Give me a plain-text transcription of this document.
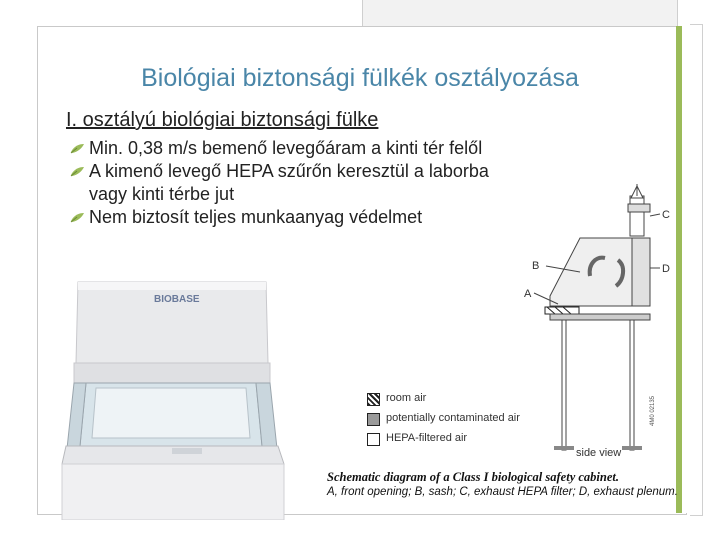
Biológiai biztonsági fülkék osztályozása
I. osztályú biológiai biztonsági fülke
Min. 0,38 m/s bemenő levegőáram a kinti tér felől
A kimenő levegő HEPA szűrőn keresztül a laborba vagy kinti térbe jut
Nem biztosít teljes munkaanyag védelmet
BIOBASE
B
A
C
D
4M0 02135
side view
room air
potentially contaminated air
HEPA-filtered air
Schematic diagram of a Class I biological safety cabinet.
A, front opening; B, sash; C, exhaust HEPA filter; D, exhaust plenum.
